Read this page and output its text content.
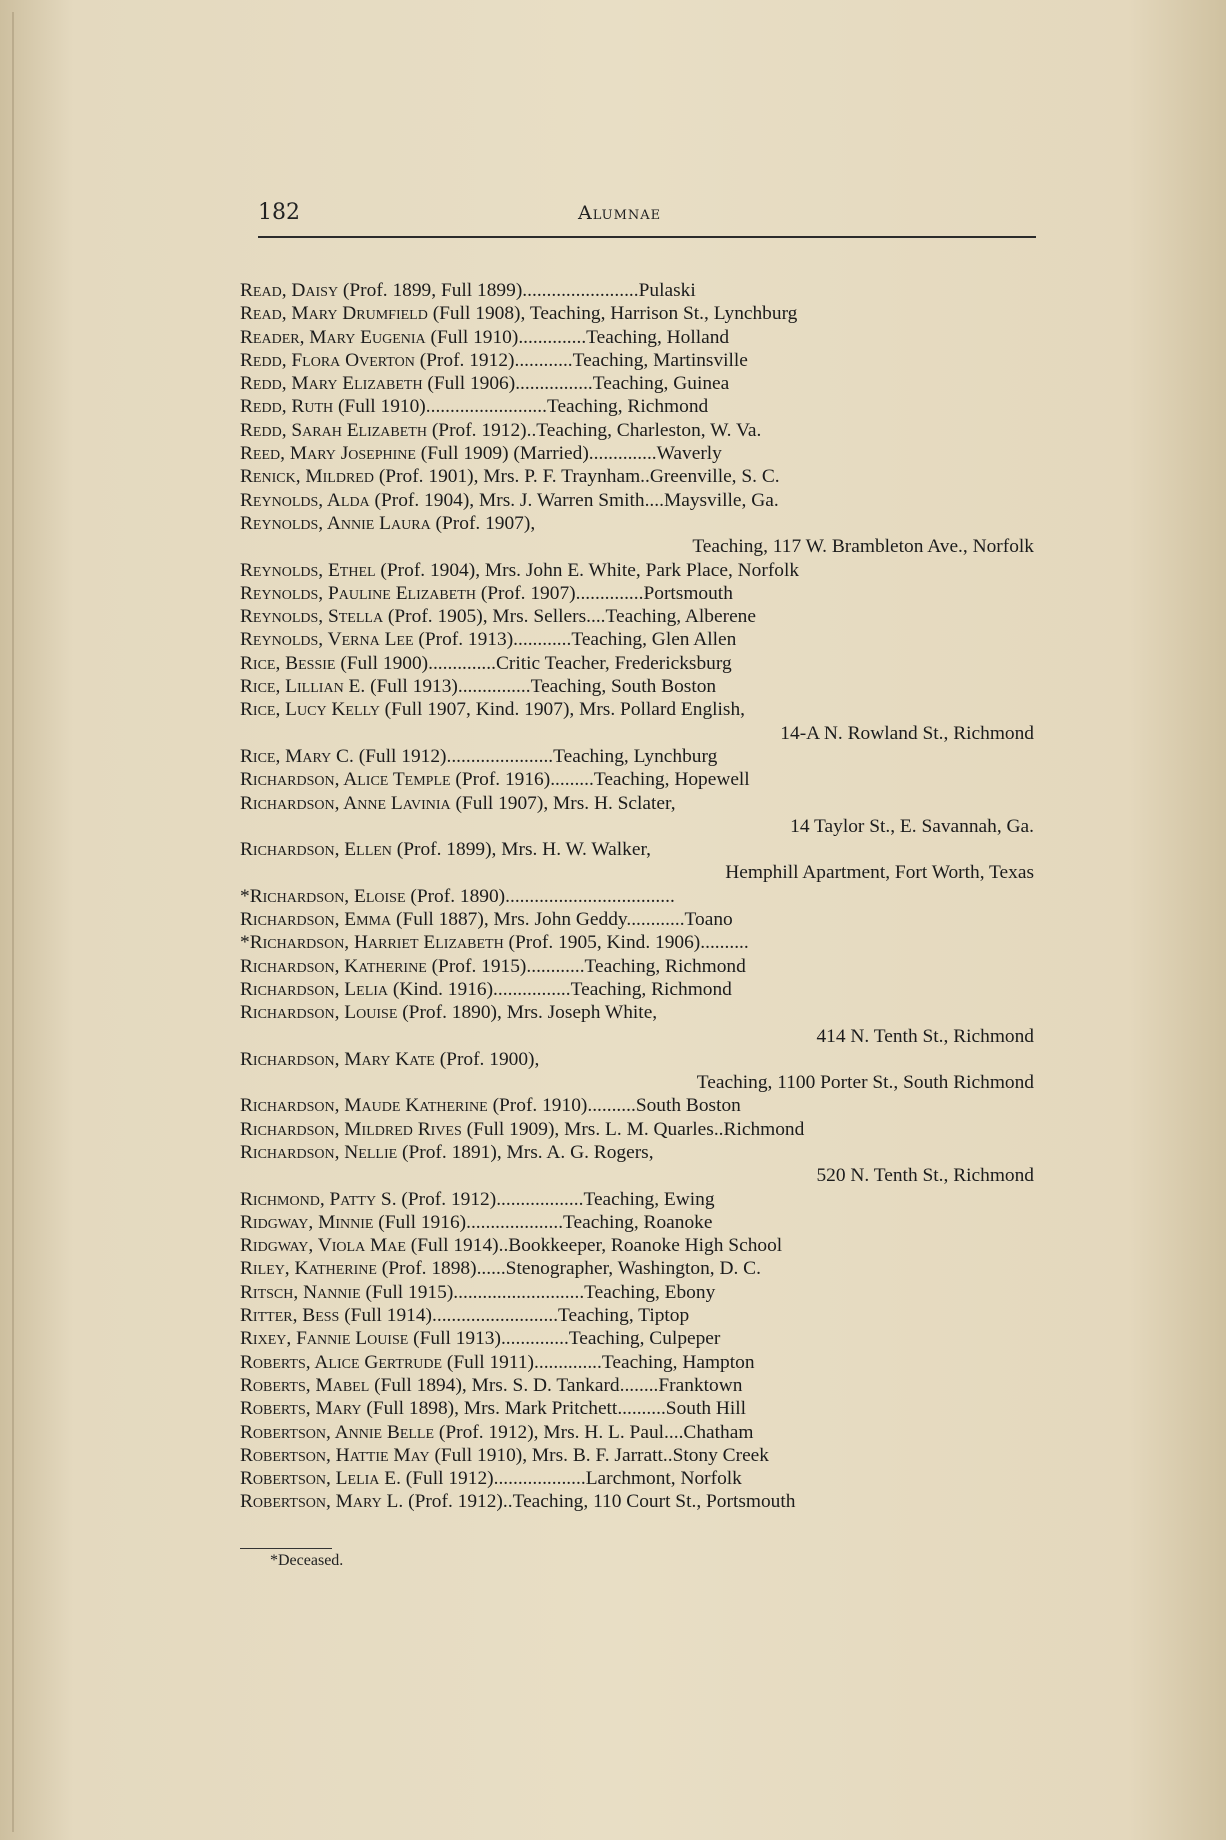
182	Alumnae
Read, Daisy (Prof. 1899, Full 1899)........................Pulaski
Read, Mary Drumfield (Full 1908), Teaching, Harrison St., Lynchburg
Reader, Mary Eugenia (Full 1910)..............Teaching, Holland
Redd, Flora Overton (Prof. 1912)............Teaching, Martinsville
Redd, Mary Elizabeth (Full 1906)................Teaching, Guinea
Redd, Ruth (Full 1910).........................Teaching, Richmond
Redd, Sarah Elizabeth (Prof. 1912)..Teaching, Charleston, W. Va.
Reed, Mary Josephine (Full 1909) (Married)..............Waverly
Renick, Mildred (Prof. 1901), Mrs. P. F. Traynham..Greenville, S. C.
Reynolds, Alda (Prof. 1904), Mrs. J. Warren Smith....Maysville, Ga.
Reynolds, Annie Laura (Prof. 1907),
Teaching, 117 W. Brambleton Ave., Norfolk
Reynolds, Ethel (Prof. 1904), Mrs. John E. White, Park Place, Norfolk
Reynolds, Pauline Elizabeth (Prof. 1907)..............Portsmouth
Reynolds, Stella (Prof. 1905), Mrs. Sellers....Teaching, Alberene
Reynolds, Verna Lee (Prof. 1913)............Teaching, Glen Allen
Rice, Bessie (Full 1900)..............Critic Teacher, Fredericksburg
Rice, Lillian E. (Full 1913)...............Teaching, South Boston
Rice, Lucy Kelly (Full 1907, Kind. 1907), Mrs. Pollard English,
14-A N. Rowland St., Richmond
Rice, Mary C. (Full 1912)......................Teaching, Lynchburg
Richardson, Alice Temple (Prof. 1916).........Teaching, Hopewell
Richardson, Anne Lavinia (Full 1907), Mrs. H. Sclater,
14 Taylor St., E. Savannah, Ga.
Richardson, Ellen (Prof. 1899), Mrs. H. W. Walker,
Hemphill Apartment, Fort Worth, Texas
*Richardson, Eloise (Prof. 1890)...................................
Richardson, Emma (Full 1887), Mrs. John Geddy............Toano
*Richardson, Harriet Elizabeth (Prof. 1905, Kind. 1906)..........
Richardson, Katherine (Prof. 1915)............Teaching, Richmond
Richardson, Lelia (Kind. 1916)................Teaching, Richmond
Richardson, Louise (Prof. 1890), Mrs. Joseph White,
414 N. Tenth St., Richmond
Richardson, Mary Kate (Prof. 1900),
Teaching, 1100 Porter St., South Richmond
Richardson, Maude Katherine (Prof. 1910)..........South Boston
Richardson, Mildred Rives (Full 1909), Mrs. L. M. Quarles..Richmond
Richardson, Nellie (Prof. 1891), Mrs. A. G. Rogers,
520 N. Tenth St., Richmond
Richmond, Patty S. (Prof. 1912)..................Teaching, Ewing
Ridgway, Minnie (Full 1916)....................Teaching, Roanoke
Ridgway, Viola Mae (Full 1914)..Bookkeeper, Roanoke High School
Riley, Katherine (Prof. 1898)......Stenographer, Washington, D. C.
Ritsch, Nannie (Full 1915)...........................Teaching, Ebony
Ritter, Bess (Full 1914)..........................Teaching, Tiptop
Rixey, Fannie Louise (Full 1913)..............Teaching, Culpeper
Roberts, Alice Gertrude (Full 1911)..............Teaching, Hampton
Roberts, Mabel (Full 1894), Mrs. S. D. Tankard........Franktown
Roberts, Mary (Full 1898), Mrs. Mark Pritchett..........South Hill
Robertson, Annie Belle (Prof. 1912), Mrs. H. L. Paul....Chatham
Robertson, Hattie May (Full 1910), Mrs. B. F. Jarratt..Stony Creek
Robertson, Lelia E. (Full 1912)...................Larchmont, Norfolk
Robertson, Mary L. (Prof. 1912)..Teaching, 110 Court St., Portsmouth
*Deceased.
